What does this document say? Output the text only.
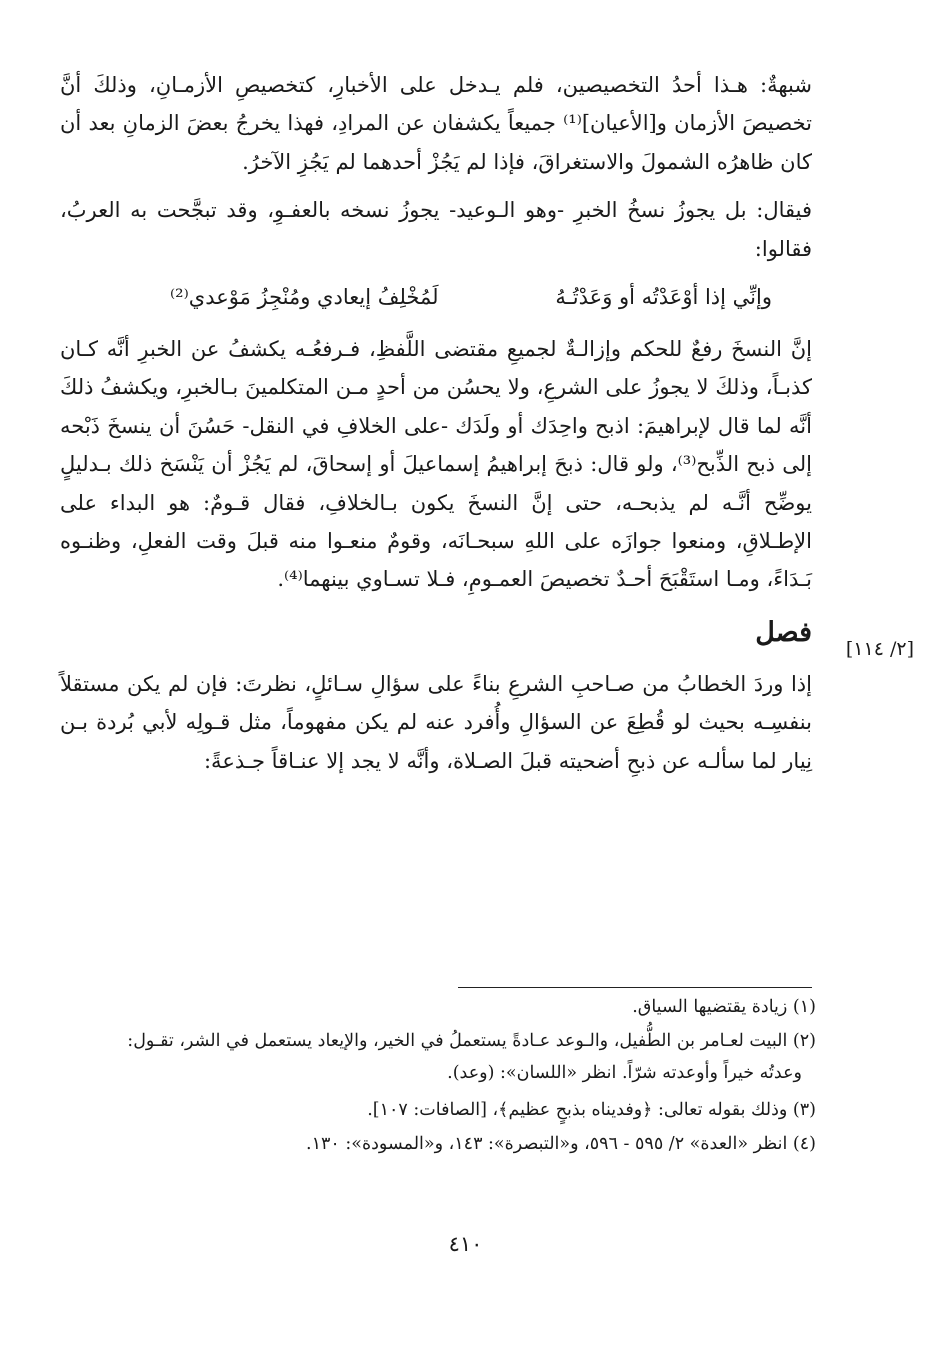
شبهةٌ: هـذا أحدُ التخصيصين، فلم يـدخل على الأخبارِ، كتخصيصِ الأزمـانِ، وذلكَ أنَّ تخصيصَ الأزمان و[الأعيان]⁽¹⁾ جميعاً يكشفان عن المرادِ، فهذا يخرجُ بعضَ الزمانِ بعد أن كان ظاهرُه الشمولَ والاستغراقَ، فإذا لم يَجُزْ أحدهما لم يَجُزِ الآخرُ.

فيقال: بل يجوزُ نسخُ الخبرِ -وهو الـوعيد- يجوزُ نسخه بالعفـوِ، وقد تبجَّحت به العربُ، فقالوا:

وإنِّي إذا أوْعَدْتُه أو وَعَدْتُـهُ
لَمُخْلِفُ إيعادي ومُنْجِزُ مَوْعدي⁽²⁾

إنَّ النسخَ رفعٌ للحكم وإزالـةٌ لجميعِ مقتضى اللَّفظِ، فـرفعُـه يكشفُ عن الخبرِ أنَّه كـان كذبـاً، وذلكَ لا يجوزُ على الشرعِ، ولا يحسُن من أحدٍ مـن المتكلمينَ بـالخبرِ، ويكشفُ ذلكَ أنَّه لما قال لإبراهيمَ: اذبح واحِدَك أو ولَدَك -على الخلافِ في النقل- حَسُنَ أن ينسخَ ذَبْحه إلى ذبح الذِّبح⁽³⁾، ولو قال: ذبحَ إبراهيمُ إسماعيلَ أو إسحاقَ، لم يَجُزْ أن يَنْسَخ ذلك بـدليلٍ يوضِّح أنَّـه لم يذبحـه، حتى إنَّ النسخَ يكون بـالخلافِ، فقال قـومٌ: هو البداء على الإطـلاقِ، ومنعوا جوازَه على اللهِ سبحـانَه، وقومٌ منعـوا منه قبلَ وقت الفعلِ، وظنـوه بَـدَاءً، ومـا استَقْبَحَ أحـدٌ تخصيصَ العمـومِ، فـلا تسـاوي بينهما⁽⁴⁾.

فصل

إذا وردَ الخطابُ من صـاحبِ الشرعِ بناءً على سؤالِ سـائلٍ، نظرتَ: فإن لم يكن مستقلاً بنفسِـه بحيث لو قُطِعَ عن السؤالِ وأُفرد عنه لم يكن مفهوماً، مثل قـولِه لأبي بُردة بـن نِيار لما سألـه عن ذبحِ أضحيته قبلَ الصـلاة، وأنَّه لا يجد إلا عنـاقاً جـذعةً:

[٢/ ١١٤]
(١) زيادة يقتضيها السياق.
(٢) البيت لعـامر بن الطُّفيل، والـوعد عـادةً يستعملُ في الخير، والإيعاد يستعمل في الشر، تقـول:
وعدتُه خيراً وأوعدته شرّاً. انظر «اللسان»: (وعد).
(٣) وذلك بقوله تعالى: ﴿وفديناه بذبحٍ عظيم﴾، [الصافات: ١٠٧].
(٤) انظر «العدة» ٢/ ٥٩٥ - ٥٩٦، و«التبصرة»: ١٤٣، و«المسودة»: ١٣٠.
٤١٠
